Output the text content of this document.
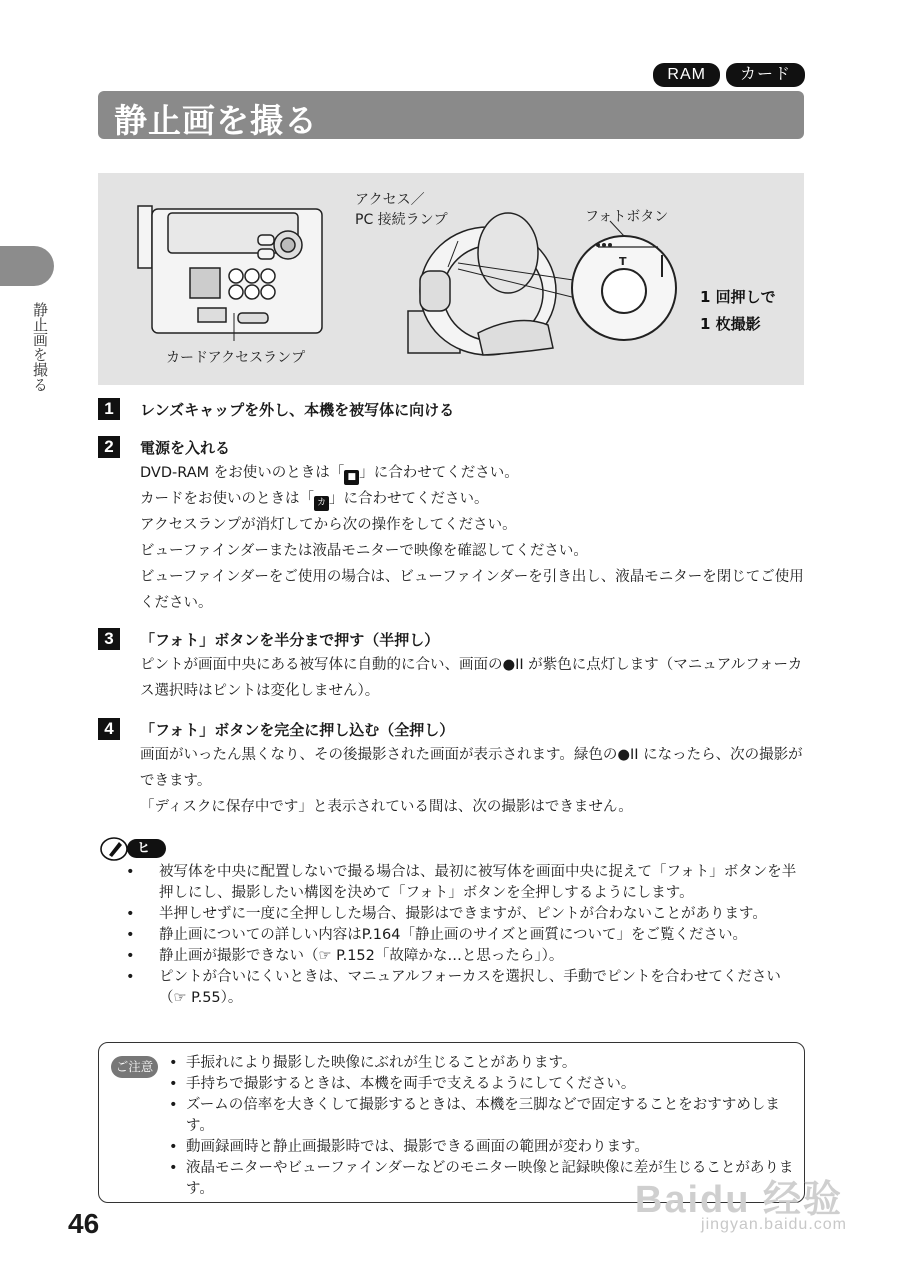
RAM	カード
静止画を撮る
静止画を撮る
アクセス／
PC 接続ランプ	フォトボタン
カードアクセスランプ
T
1 回押しで
1 枚撮影
1	レンズキャップを外し、本機を被写体に向ける
2	電源を入れる

DVD-RAM をお使いのときは「 ■ 」に合わせてください。

カードをお使いのときは「 カ 」に合わせてください。

アクセスランプが消灯してから次の操作をしてください。

ビューファインダーまたは液晶モニターで映像を確認してください。

ビューファインダーをご使用の場合は、ビューファインダーを引き出し、液晶モニターを閉じてご使用ください。

3	「フォト」ボタンを半分まで押す（半押し）

ピントが画面中央にある被写体に自動的に合い、画面の●II が紫色に点灯します（マニュアルフォーカス選択時はピントは変化しません）。

4	「フォト」ボタンを完全に押し込む（全押し）

画面がいったん黒くなり、その後撮影された画面が表示されます。緑色の●II になったら、次の撮影ができます。

「ディスクに保存中です」と表示されている間は、次の撮影はできません。

ヒント
• 被写体を中央に配置しないで撮る場合は、最初に被写体を画面中央に捉えて「フォト」ボタンを半押しにし、撮影したい構図を決めて「フォト」ボタンを全押しするようにします。
• 半押しせずに一度に全押しした場合、撮影はできますが、ピントが合わないことがあります。
• 静止画についての詳しい内容はP.164「静止画のサイズと画質について」をご覧ください。
• 静止画が撮影できない（☞ P.152「故障かな…と思ったら」）。
• ピントが合いにくいときは、マニュアルフォーカスを選択し、手動でピントを合わせてください（☞ P.55）。
ご注意
•	手振れにより撮影した映像にぶれが生じることがあります。
• 手持ちで撮影するときは、本機を両手で支えるようにしてください。
• ズームの倍率を大きくして撮影するときは、本機を三脚などで固定することをおすすめします。
• 動画録画時と静止画撮影時では、撮影できる画面の範囲が変わります。
• 液晶モニターやビューファインダーなどのモニター映像と記録映像に差が生じることがあります。
46
Baidu 经验
jingyan.baidu.com
